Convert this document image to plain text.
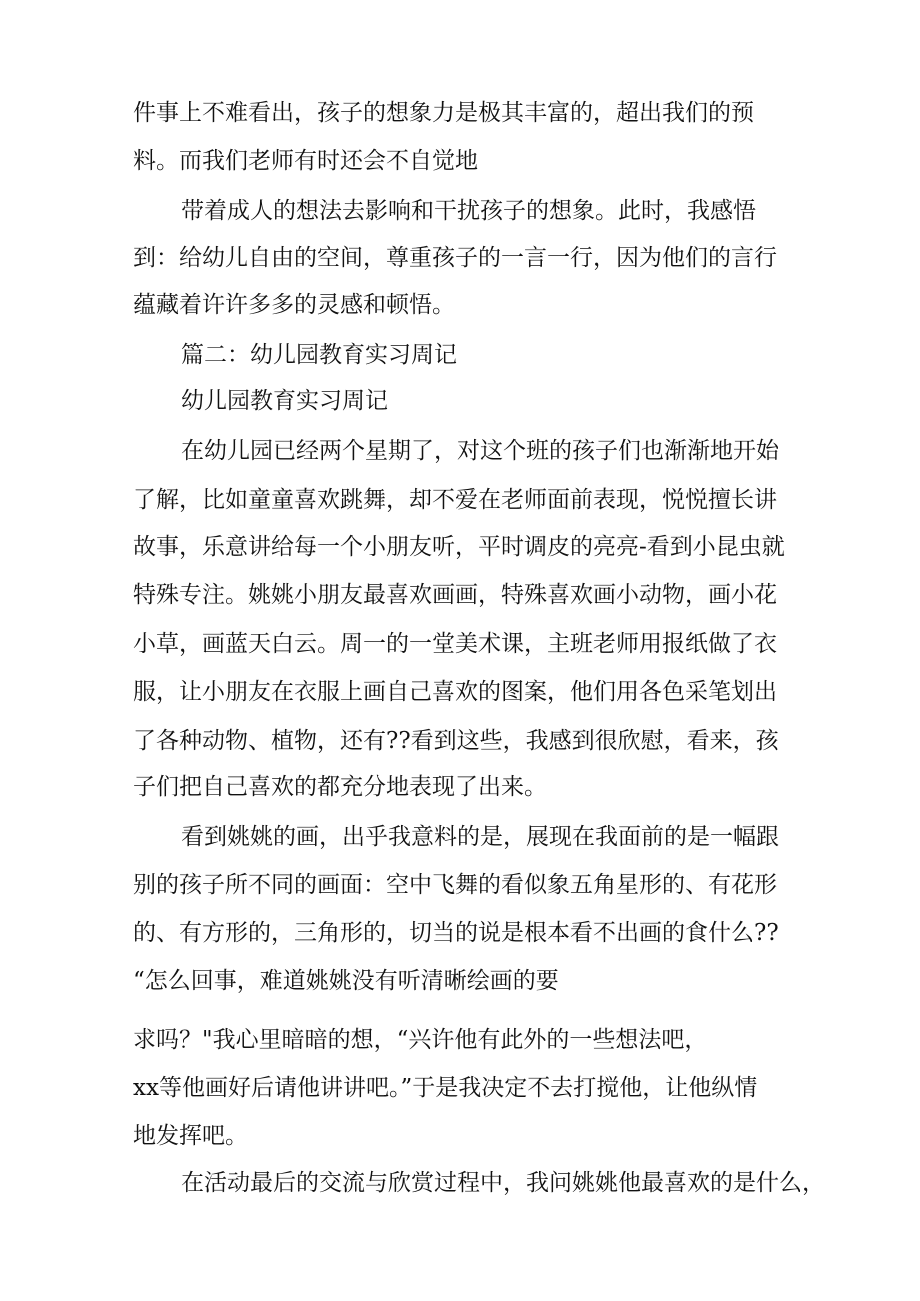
件事上不难看出，孩子的想象力是极其丰富的，超出我们的预
料。而我们老师有时还会不自觉地
带着成人的想法去影响和干扰孩子的想象。此时，我感悟
到：给幼儿自由的空间，尊重孩子的一言一行，因为他们的言行
蕴藏着许许多多的灵感和顿悟。
篇二：幼儿园教育实习周记
幼儿园教育实习周记
在幼儿园已经两个星期了，对这个班的孩子们也渐渐地开始
了解，比如童童喜欢跳舞，却不爱在老师面前表现，悦悦擅长讲
故事，乐意讲给每一个小朋友听，平时调皮的亮亮-看到小昆虫就
特殊专注。姚姚小朋友最喜欢画画，特殊喜欢画小动物，画小花
小草，画蓝天白云。周一的一堂美术课，主班老师用报纸做了衣
服，让小朋友在衣服上画自己喜欢的图案，他们用各色采笔划出
了各种动物、植物，还有??看到这些，我感到很欣慰，看来，孩
子们把自己喜欢的都充分地表现了出来。
看到姚姚的画，出乎我意料的是，展现在我面前的是一幅跟
别的孩子所不同的画面：空中飞舞的看似象五角星形的、有花形
的、有方形的，三角形的，切当的说是根本看不出画的食什么??
“怎么回事，难道姚姚没有听清晰绘画的要
求吗？"我心里暗暗的想，“兴许他有此外的一些想法吧，
xx等他画好后请他讲讲吧。”于是我决定不去打搅他，让他纵情
地发挥吧。
在活动最后的交流与欣赏过程中，我问姚姚他最喜欢的是什么，
